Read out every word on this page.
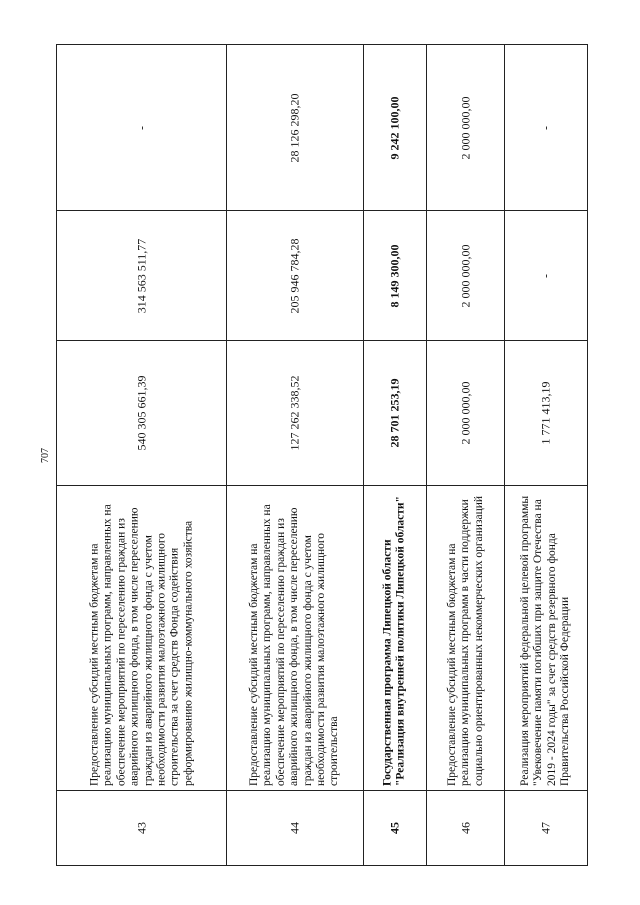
707
-
314 563 511,77
540 305 661,39
Предоставление субсидий местным бюджетам на реализацию муниципальных программ, направленных на обеспечение мероприятий по переселению граждан из аварийного жилищного фонда, в том числе переселению граждан из аварийного жилищного фонда с учетом необходимости развития малоэтажного жилищного строительства за счет средств Фонда содействия реформированию жилищно-коммунального хозяйства
43
28 126 298,20
205 946 784,28
127 262 338,52
Предоставление субсидий местным бюджетам на реализацию муниципальных программ, направленных на обеспечение мероприятий по переселению граждан из аварийного жилищного фонда, в том числе переселению граждан из аварийного жилищного фонда с учетом необходимости развития малоэтажного жилищного строительства
44
9 242 100,00
8 149 300,00
28 701 253,19
Государственная программа Липецкой области "Реализация внутренней политики Липецкой области"
45
2 000 000,00
2 000 000,00
2 000 000,00
Предоставление субсидий местным бюджетам на реализацию муниципальных программ в части поддержки социально ориентированных некоммерческих организаций
46
-
-
1 771 413,19
Реализация мероприятий федеральной целевой программы "Увековечение памяти погибших при защите Отечества на 2019 - 2024 годы" за счет средств резервного фонда Правительства Российской Федерации
47
